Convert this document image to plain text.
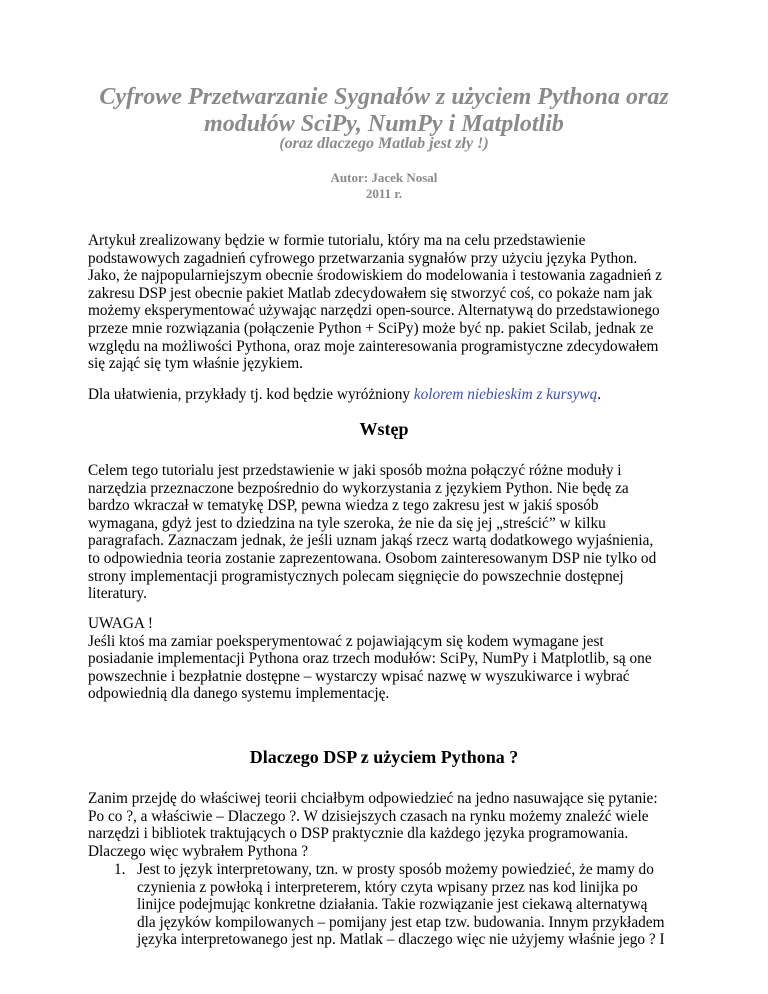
Cyfrowe Przetwarzanie Sygnałów z użyciem Pythona oraz
modułów SciPy, NumPy i Matplotlib
(oraz dlaczego Matlab jest zły !)
Autor: Jacek Nosal
2011 r.
Artykuł zrealizowany będzie w formie tutorialu, który ma na celu przedstawienie
podstawowych zagadnień cyfrowego przetwarzania sygnałów przy użyciu języka Python.
Jako, że najpopularniejszym obecnie środowiskiem do modelowania i testowania zagadnień z
zakresu DSP jest obecnie pakiet Matlab zdecydowałem się stworzyć coś, co pokaże nam jak
możemy eksperymentować używając narzędzi open-source. Alternatywą do przedstawionego
przeze mnie rozwiązania (połączenie Python + SciPy) może być np. pakiet Scilab, jednak ze
względu na możliwości Pythona, oraz moje zainteresowania programistyczne zdecydowałem
się zająć się tym właśnie językiem.
Dla ułatwienia, przykłady tj. kod będzie wyróżniony kolorem niebieskim z kursywą.
Wstęp
Celem tego tutorialu jest przedstawienie w jaki sposób można połączyć różne moduły i
narzędzia przeznaczone bezpośrednio do wykorzystania z językiem Python. Nie będę za
bardzo wkraczał w tematykę DSP, pewna wiedza z tego zakresu jest w jakiś sposób
wymagana, gdyż jest to dziedzina na tyle szeroka, że nie da się jej „streścić” w kilku
paragrafach. Zaznaczam jednak, że jeśli uznam jakąś rzecz wartą dodatkowego wyjaśnienia,
to odpowiednia teoria zostanie zaprezentowana. Osobom zainteresowanym DSP nie tylko od
strony implementacji programistycznych polecam sięgnięcie do powszechnie dostępnej
literatury.
UWAGA !
Jeśli ktoś ma zamiar poeksperymentować z pojawiającym się kodem wymagane jest
posiadanie implementacji Pythona oraz trzech modułów: SciPy, NumPy i Matplotlib, są one
powszechnie i bezpłatnie dostępne – wystarczy wpisać nazwę w wyszukiwarce i wybrać
odpowiednią dla danego systemu implementację.
Dlaczego DSP z użyciem Pythona ?
Zanim przejdę do właściwej teorii chciałbym odpowiedzieć na jedno nasuwające się pytanie:
Po co ?, a właściwie – Dlaczego ?. W dzisiejszych czasach na rynku możemy znaleźć wiele
narzędzi i bibliotek traktujących o DSP praktycznie dla każdego języka programowania.
Dlaczego więc wybrałem Pythona ?
1. Jest to język interpretowany, tzn. w prosty sposób możemy powiedzieć, że mamy do
czynienia z powłoką i interpreterem, który czyta wpisany przez nas kod linijka po
linijce podejmując konkretne działania. Takie rozwiązanie jest ciekawą alternatywą
dla języków kompilowanych – pomijany jest etap tzw. budowania. Innym przykładem
języka interpretowanego jest np. Matlak – dlaczego więc nie użyjemy właśnie jego ? I
